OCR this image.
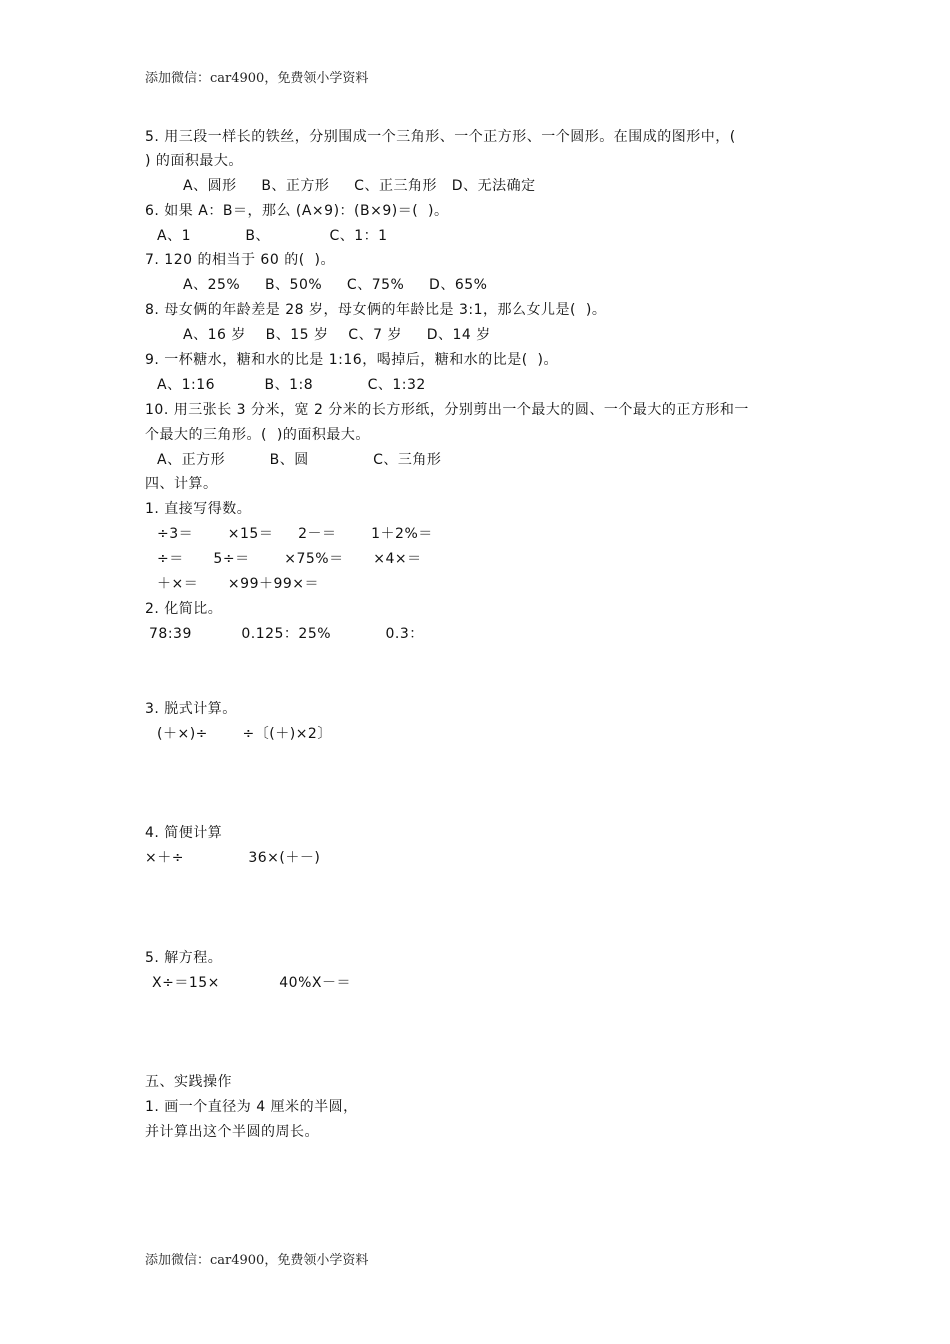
添加微信：car4900，免费领小学资料
5. 用三段一样长的铁丝，分别围成一个三角形、一个正方形、一个圆形。在围成的图形中，(
) 的面积最大。
A、圆形     B、正方形     C、正三角形   D、无法确定
6. 如果 A：B＝，那么 (A×9)：(B×9)＝(  )。
A、1           B、            C、1：1
7. 120 的相当于 60 的(  )。
A、25%     B、50%     C、75%     D、65%
8. 母女俩的年龄差是 28 岁，母女俩的年龄比是 3:1，那么女儿是(  )。
A、16 岁    B、15 岁    C、7 岁     D、14 岁
9. 一杯糖水，糖和水的比是 1:16，喝掉后，糖和水的比是(  )。
A、1:16          B、1:8           C、1:32
10. 用三张长 3 分米，宽 2 分米的长方形纸，分别剪出一个最大的圆、一个最大的正方形和一
个最大的三角形。(  )的面积最大。
A、正方形         B、圆             C、三角形
四、计算。
1. 直接写得数。
÷3＝       ×15＝     2－＝       1＋2%＝
÷＝      5÷＝       ×75%＝      ×4×＝
＋×＝      ×99＋99×＝
2. 化简比。
78:39          0.125：25%           0.3：
3. 脱式计算。
(＋×)÷       ÷〔(＋)×2〕
4. 简便计算
×＋÷             36×(＋－)
5. 解方程。
X÷＝15×            40%X－＝
五、实践操作
1. 画一个直径为 4 厘米的半圆，
并计算出这个半圆的周长。
添加微信：car4900，免费领小学资料
